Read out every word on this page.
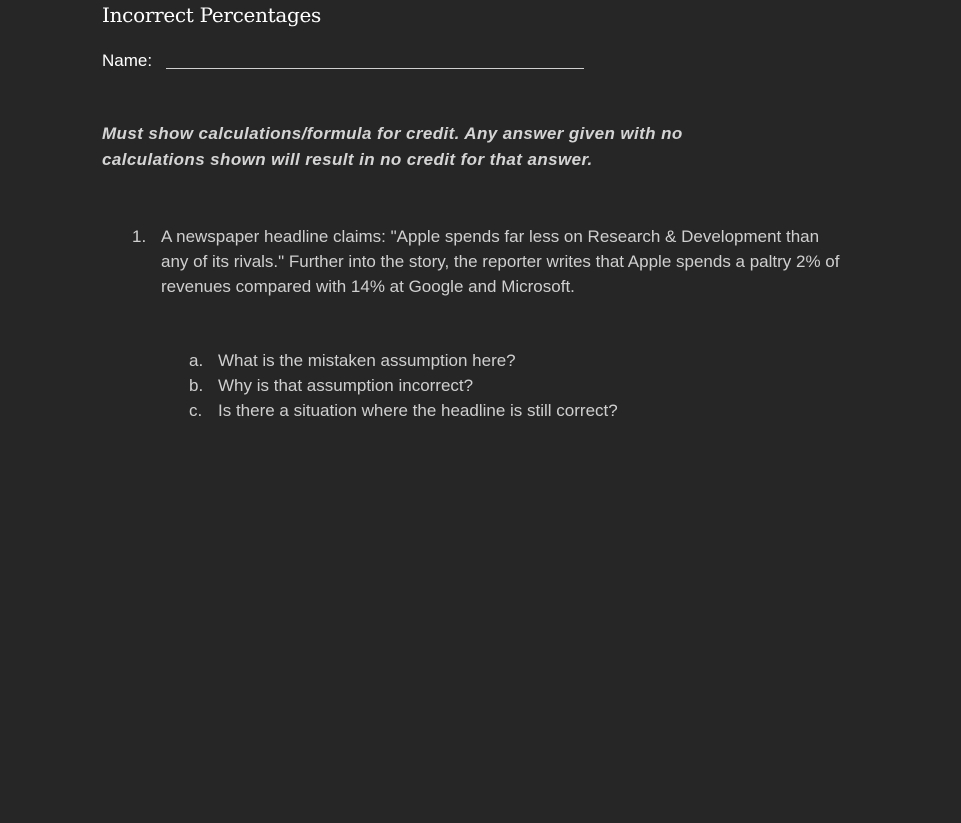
Incorrect Percentages
Name:

Must show calculations/formula for credit. Any answer given with no calculations shown will result in no credit for that answer.

1. A newspaper headline claims: "Apple spends far less on Research & Development than any of its rivals." Further into the story, the reporter writes that Apple spends a paltry 2% of revenues compared with 14% at Google and Microsoft.

a. What is the mistaken assumption here?
b. Why is that assumption incorrect?
c. Is there a situation where the headline is still correct?
